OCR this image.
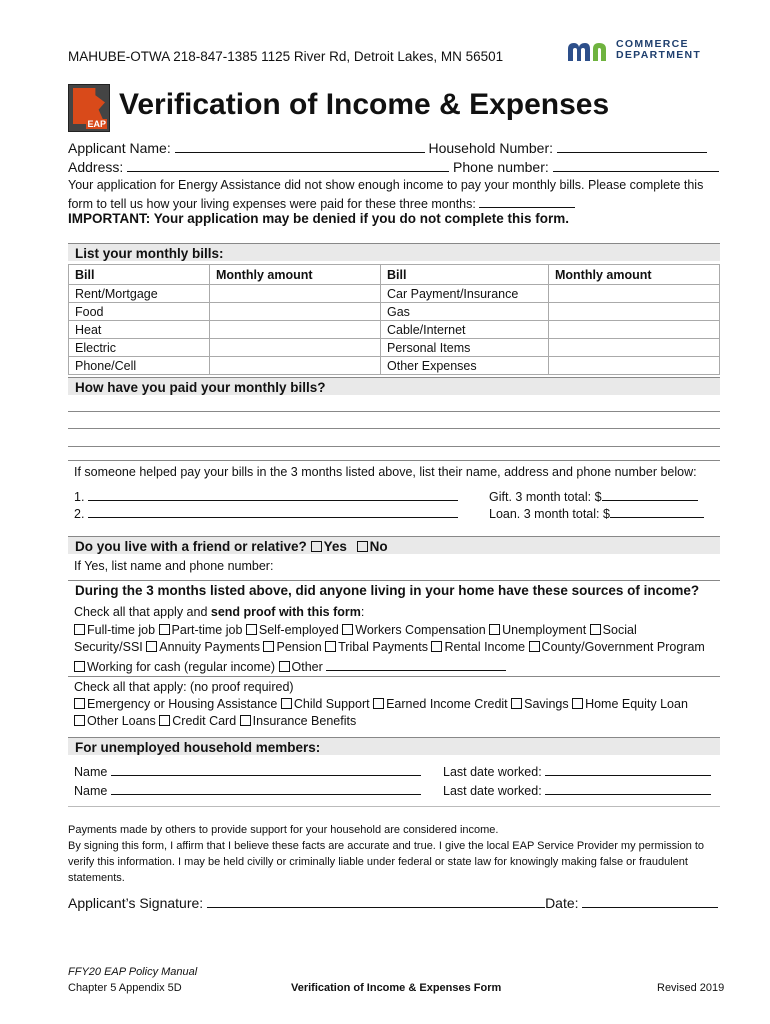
MAHUBE-OTWA 218-847-1385 1125 River Rd, Detroit Lakes, MN 56501
COMMERCE
DEPARTMENT
EAP
Verification of Income & Expenses
Applicant Name:	Household Number:
Address:	Phone number:
Your application for Energy Assistance did not show enough income to pay your monthly bills. Please complete this form to tell us how your living expenses were paid for these three months:
IMPORTANT: Your application may be denied if you do not complete this form.
List your monthly bills:
Bill	Monthly amount	Bill	Monthly amount
Rent/Mortgage		Car Payment/Insurance	
Food		Gas	
Heat		Cable/Internet	
Electric		Personal Items	
Phone/Cell		Other Expenses	
How have you paid your monthly bills?
If someone helped pay your bills in the 3 months listed above, list their name, address and phone number below:
1.	Gift. 3 month total: $
2.	Loan. 3 month total: $
Do you live with a friend or relative? Yes No
If Yes, list name and phone number:
During the 3 months listed above, did anyone living in your home have these sources of income?
Check all that apply and send proof with this form:
Full-time job Part-time job Self-employed Workers Compensation Unemployment Social
Security/SSI Annuity Payments Pension Tribal Payments Rental Income County/Government Program
Working for cash (regular income) Other
Check all that apply: (no proof required)
Emergency or Housing Assistance Child Support Earned Income Credit Savings Home Equity Loan
Other Loans Credit Card Insurance Benefits
For unemployed household members:
Name	Last date worked:
Name	Last date worked:
Payments made by others to provide support for your household are considered income.
By signing this form, I affirm that I believe these facts are accurate and true. I give the local EAP Service Provider my permission to verify this information. I may be held civilly or criminally liable under federal or state law for knowingly making false or fraudulent statements.
Applicant’s Signature:	Date:
FFY20 EAP Policy Manual
Chapter 5 Appendix 5D	Verification of Income & Expenses Form	Revised 2019
